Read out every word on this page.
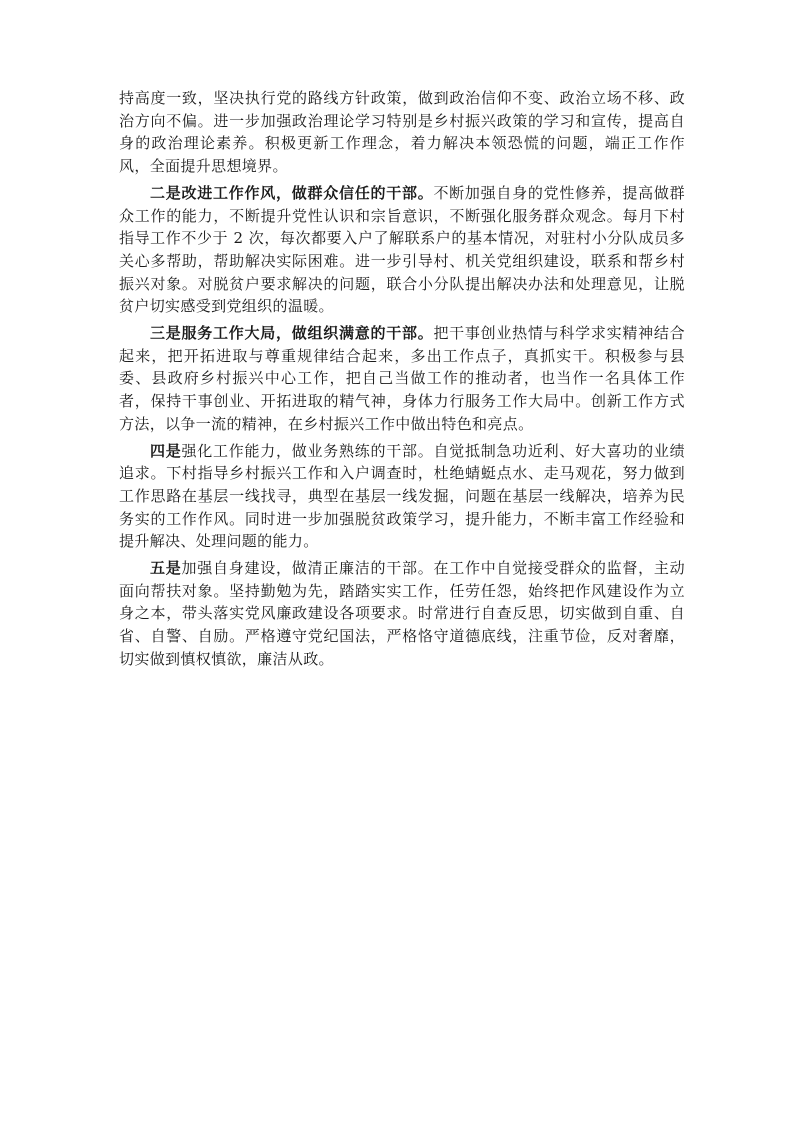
持高度一致，坚决执行党的路线方针政策，做到政治信仰不变、政治立场不移、政治方向不偏。进一步加强政治理论学习特别是乡村振兴政策的学习和宣传，提高自身的政治理论素养。积极更新工作理念，着力解决本领恐慌的问题，端正工作作风，全面提升思想境界。

二是改进工作作风，做群众信任的干部。不断加强自身的党性修养，提高做群众工作的能力，不断提升党性认识和宗旨意识，不断强化服务群众观念。每月下村指导工作不少于 2 次，每次都要入户了解联系户的基本情况，对驻村小分队成员多关心多帮助，帮助解决实际困难。进一步引导村、机关党组织建设，联系和帮乡村振兴对象。对脱贫户要求解决的问题，联合小分队提出解决办法和处理意见，让脱贫户切实感受到党组织的温暖。

三是服务工作大局，做组织满意的干部。把干事创业热情与科学求实精神结合起来，把开拓进取与尊重规律结合起来，多出工作点子，真抓实干。积极参与县委、县政府乡村振兴中心工作，把自己当做工作的推动者，也当作一名具体工作者，保持干事创业、开拓进取的精气神，身体力行服务工作大局中。创新工作方式方法，以争一流的精神，在乡村振兴工作中做出特色和亮点。

四是强化工作能力，做业务熟练的干部。自觉抵制急功近利、好大喜功的业绩追求。下村指导乡村振兴工作和入户调查时，杜绝蜻蜓点水、走马观花，努力做到工作思路在基层一线找寻，典型在基层一线发掘，问题在基层一线解决，培养为民务实的工作作风。同时进一步加强脱贫政策学习，提升能力，不断丰富工作经验和提升解决、处理问题的能力。

五是加强自身建设，做清正廉洁的干部。在工作中自觉接受群众的监督，主动面向帮扶对象。坚持勤勉为先，踏踏实实工作，任劳任怨，始终把作风建设作为立身之本，带头落实党风廉政建设各项要求。时常进行自查反思，切实做到自重、自省、自警、自励。严格遵守党纪国法，严格恪守道德底线，注重节俭，反对奢靡，切实做到慎权慎欲，廉洁从政。
